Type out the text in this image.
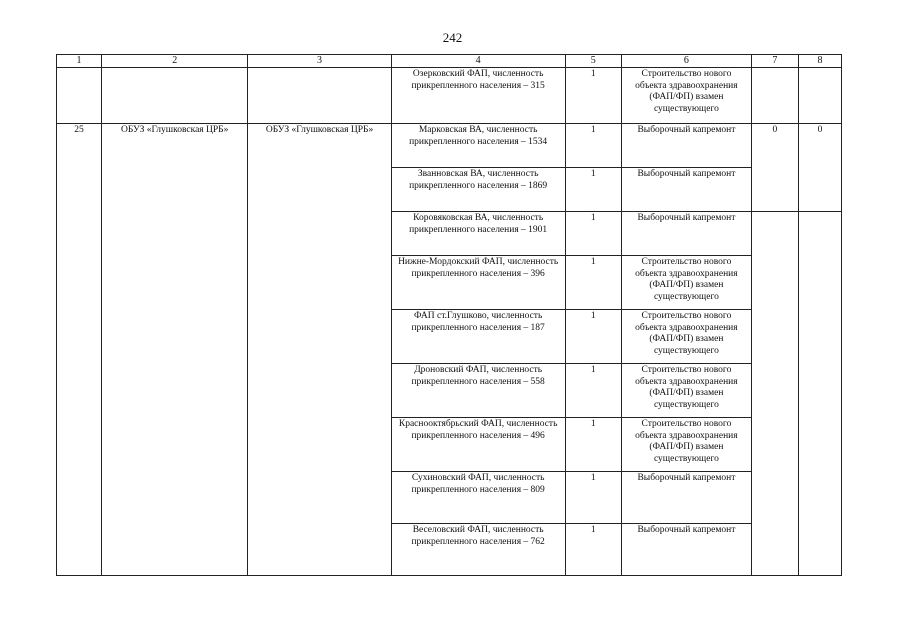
242
1	2	3	4	5	6	7	8
			Озерковский ФАП, численность прикрепленного населения – 315	1	Строительство нового объекта здравоохранения (ФАП/ФП) взамен существующего		
25	ОБУЗ «Глушковская ЦРБ»	ОБУЗ «Глушковская ЦРБ»	Марковская ВА, численность прикрепленного населения – 1534	1	Выборочный капремонт	0	0
			Званновская ВА, численность прикрепленного населения – 1869	1	Выборочный капремонт		
			Коровяковская ВА, численность прикрепленного населения – 1901	1	Выборочный капремонт		
			Нижне-Мордокский ФАП, численность прикрепленного населения – 396	1	Строительство нового объекта здравоохранения (ФАП/ФП) взамен существующего		
			ФАП ст.Глушково, численность прикрепленного населения – 187	1	Строительство нового объекта здравоохранения (ФАП/ФП) взамен существующего		
			Дроновский ФАП, численность прикрепленного населения – 558	1	Строительство нового объекта здравоохранения (ФАП/ФП) взамен существующего		
			Краснооктябрьский ФАП, численность прикрепленного населения – 496	1	Строительство нового объекта здравоохранения (ФАП/ФП) взамен существующего		
			Сухиновский ФАП, численность прикрепленного населения – 809	1	Выборочный капремонт		
			Веселовский ФАП, численность прикрепленного населения – 762	1	Выборочный капремонт		
